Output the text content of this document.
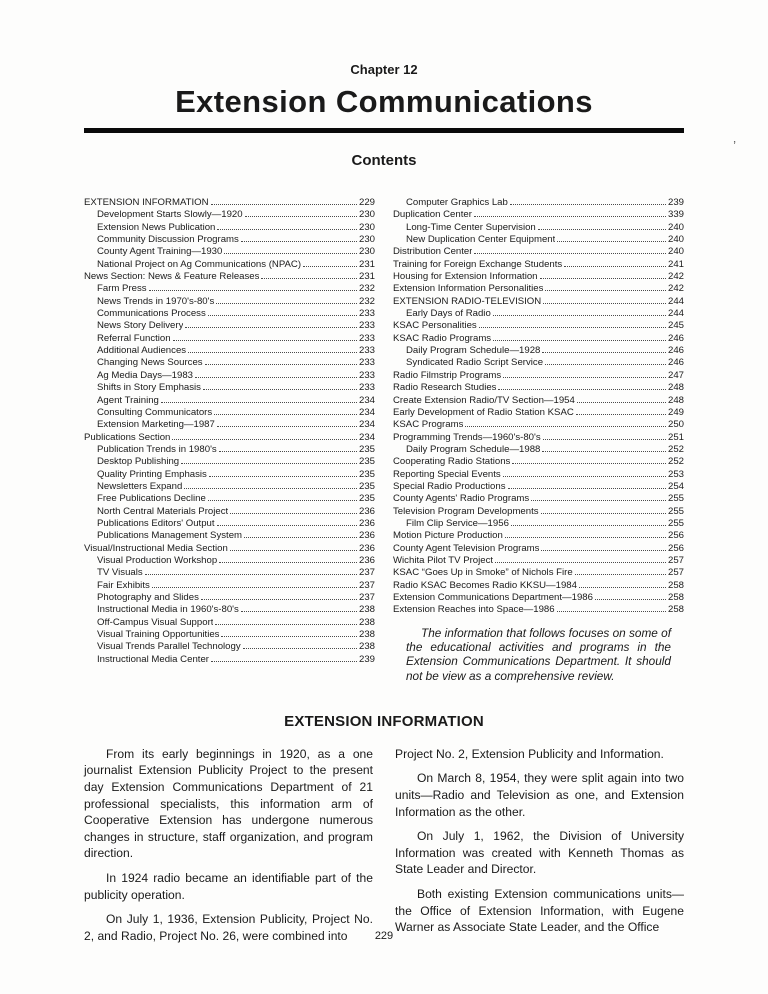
’
Chapter 12
Extension Communications
Contents
EXTENSION INFORMATION	229
Development Starts Slowly—1920	230
Extension News Publication	230
Community Discussion Programs	230
County Agent Training—1930	230
National Project on Ag Communications (NPAC)	231
News Section: News & Feature Releases	231
Farm Press	232
News Trends in 1970's-80's	232
Communications Process	233
News Story Delivery	233
Referral Function	233
Additional Audiences	233
Changing News Sources	233
Ag Media Days—1983	233
Shifts in Story Emphasis	233
Agent Training	234
Consulting Communicators	234
Extension Marketing—1987	234
Publications Section	234
Publication Trends in 1980's	235
Desktop Publishing	235
Quality Printing Emphasis	235
Newsletters Expand	235
Free Publications Decline	235
North Central Materials Project	236
Publications Editors' Output	236
Publications Management System	236
Visual/Instructional Media Section	236
Visual Production Workshop	236
TV Visuals	237
Fair Exhibits	237
Photography and Slides	237
Instructional Media in 1960's-80's	238
Off-Campus Visual Support	238
Visual Training Opportunities	238
Visual Trends Parallel Technology	238
Instructional Media Center	239
Computer Graphics Lab	239
Duplication Center	339
Long-Time Center Supervision	240
New Duplication Center Equipment	240
Distribution Center	240
Training for Foreign Exchange Students	241
Housing for Extension Information	242
Extension Information Personalities	242
EXTENSION RADIO-TELEVISION	244
Early Days of Radio	244
KSAC Personalities	245
KSAC Radio Programs	246
Daily Program Schedule—1928	246
Syndicated Radio Script Service	246
Radio Filmstrip Programs	247
Radio Research Studies	248
Create Extension Radio/TV Section—1954	248
Early Development of Radio Station KSAC	249
KSAC Programs	250
Programming Trends—1960's-80's	251
Daily Program Schedule—1988	252
Cooperating Radio Stations	252
Reporting Special Events	253
Special Radio Productions	254
County Agents' Radio Programs	255
Television Program Developments	255
Film Clip Service—1956	255
Motion Picture Production	256
County Agent Television Programs	256
Wichita Pilot TV Project	257
KSAC “Goes Up in Smoke” of Nichols Fire	257
Radio KSAC Becomes Radio KKSU—1984	258
Extension Communications Department—1986	258
Extension Reaches into Space—1986	258

The information that follows focuses on some of the educational activities and programs in the Extension Communications Department. It should not be view as a comprehensive review.

EXTENSION INFORMATION

From its early beginnings in 1920, as a one journalist Extension Publicity Project to the present day Extension Communications Department of 21 professional specialists, this information arm of Cooperative Extension has undergone numerous changes in structure, staff organization, and program direction.

In 1924 radio became an identifiable part of the publicity operation.

On July 1, 1936, Extension Publicity, Project No. 2, and Radio, Project No. 26, were combined into

Project No. 2, Extension Publicity and Information.

On March 8, 1954, they were split again into two units—Radio and Television as one, and Extension Information as the other.

On July 1, 1962, the Division of University Information was created with Kenneth Thomas as State Leader and Director.

Both existing Extension communications units—the Office of Extension Information, with Eugene Warner as Associate State Leader, and the Office

229
